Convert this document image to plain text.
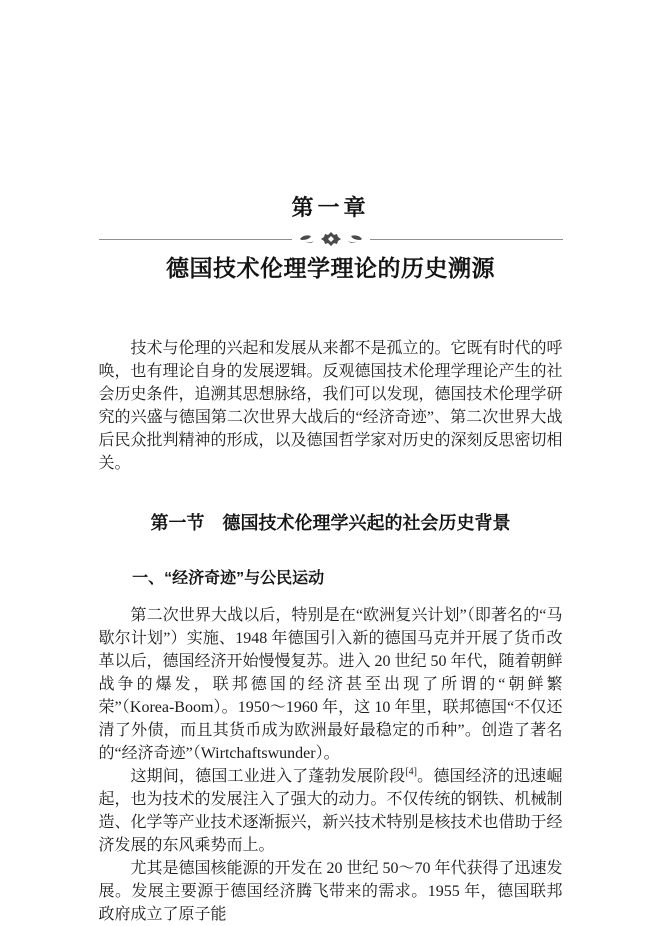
第一章
德国技术伦理学理论的历史溯源

技术与伦理的兴起和发展从来都不是孤立的。它既有时代的呼唤，也有理论自身的发展逻辑。反观德国技术伦理学理论产生的社会历史条件，追溯其思想脉络，我们可以发现，德国技术伦理学研究的兴盛与德国第二次世界大战后的“经济奇迹”、第二次世界大战后民众批判精神的形成，以及德国哲学家对历史的深刻反思密切相关。

第一节　德国技术伦理学兴起的社会历史背景
一、“经济奇迹”与公民运动

第二次世界大战以后，特别是在“欧洲复兴计划”（即著名的“马歇尔计划”）实施、1948 年德国引入新的德国马克并开展了货币改革以后，德国经济开始慢慢复苏。进入 20 世纪 50 年代，随着朝鲜战争的爆发，联邦德国的经济甚至出现了所谓的“朝鲜繁荣”（Korea-Boom）。1950～1960 年，这 10 年里，联邦德国“不仅还清了外债，而且其货币成为欧洲最好最稳定的币种”。创造了著名的“经济奇迹”（Wirtchaftswunder）。

这期间，德国工业进入了蓬勃发展阶段[4]。德国经济的迅速崛起，也为技术的发展注入了强大的动力。不仅传统的钢铁、机械制造、化学等产业技术逐渐振兴，新兴技术特别是核技术也借助于经济发展的东风乘势而上。

尤其是德国核能源的开发在 20 世纪 50～70 年代获得了迅速发展。发展主要源于德国经济腾飞带来的需求。1955 年，德国联邦政府成立了原子能
